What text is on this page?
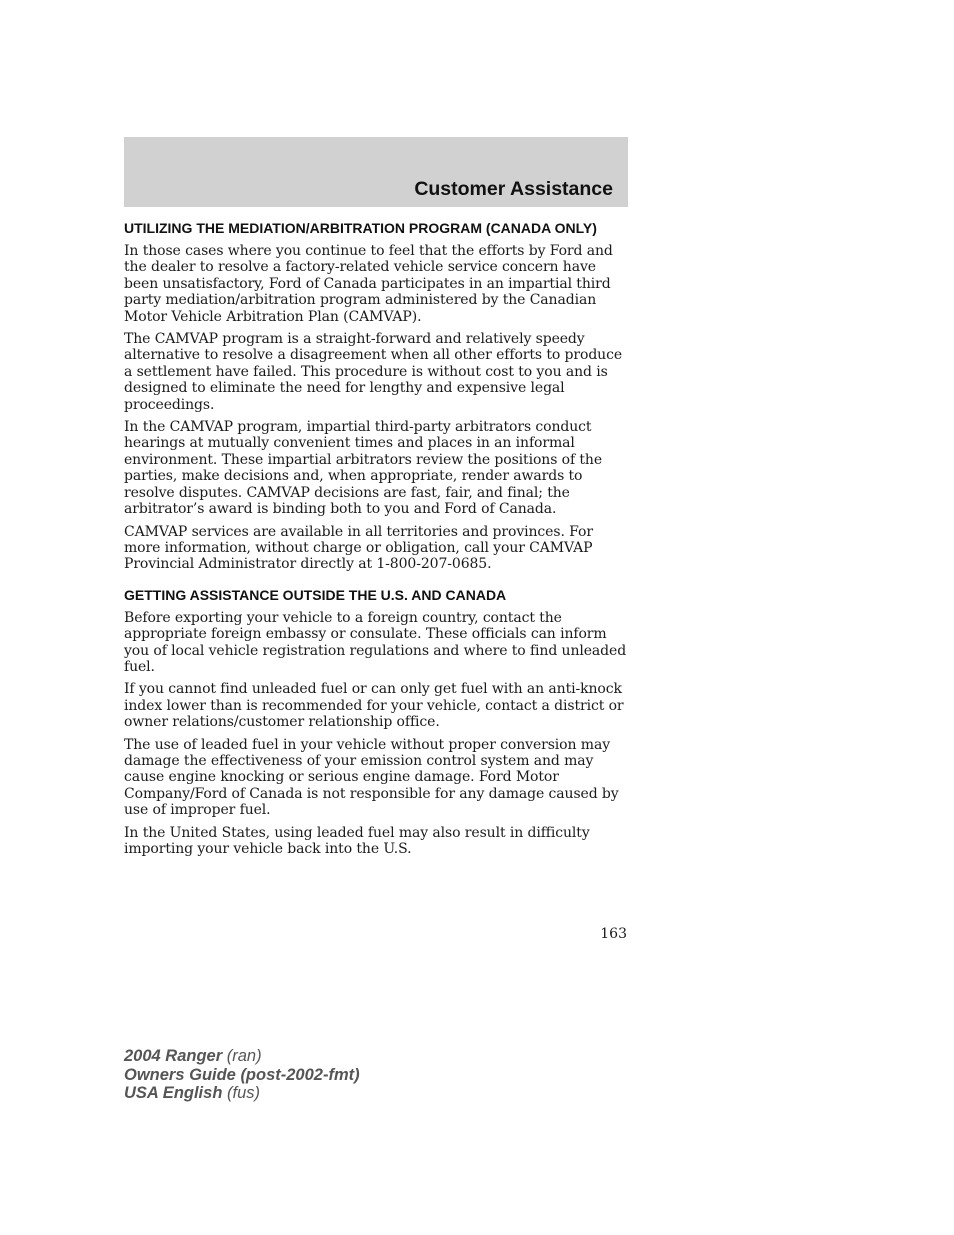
Customer Assistance
UTILIZING THE MEDIATION/ARBITRATION PROGRAM (CANADA ONLY)

In those cases where you continue to feel that the efforts by Ford and the dealer to resolve a factory-related vehicle service concern have been unsatisfactory, Ford of Canada participates in an impartial third party mediation/arbitration program administered by the Canadian Motor Vehicle Arbitration Plan (CAMVAP).

The CAMVAP program is a straight-forward and relatively speedy alternative to resolve a disagreement when all other efforts to produce a settlement have failed. This procedure is without cost to you and is designed to eliminate the need for lengthy and expensive legal proceedings.

In the CAMVAP program, impartial third-party arbitrators conduct hearings at mutually convenient times and places in an informal environment. These impartial arbitrators review the positions of the parties, make decisions and, when appropriate, render awards to resolve disputes. CAMVAP decisions are fast, fair, and final; the arbitrator’s award is binding both to you and Ford of Canada.

CAMVAP services are available in all territories and provinces. For more information, without charge or obligation, call your CAMVAP Provincial Administrator directly at 1-800-207-0685.

GETTING ASSISTANCE OUTSIDE THE U.S. AND CANADA

Before exporting your vehicle to a foreign country, contact the appropriate foreign embassy or consulate. These officials can inform you of local vehicle registration regulations and where to find unleaded fuel.

If you cannot find unleaded fuel or can only get fuel with an anti-knock index lower than is recommended for your vehicle, contact a district or owner relations/customer relationship office.

The use of leaded fuel in your vehicle without proper conversion may damage the effectiveness of your emission control system and may cause engine knocking or serious engine damage. Ford Motor Company/Ford of Canada is not responsible for any damage caused by use of improper fuel.

In the United States, using leaded fuel may also result in difficulty importing your vehicle back into the U.S.

163
2004 Ranger (ran)
Owners Guide (post-2002-fmt)
USA English (fus)
